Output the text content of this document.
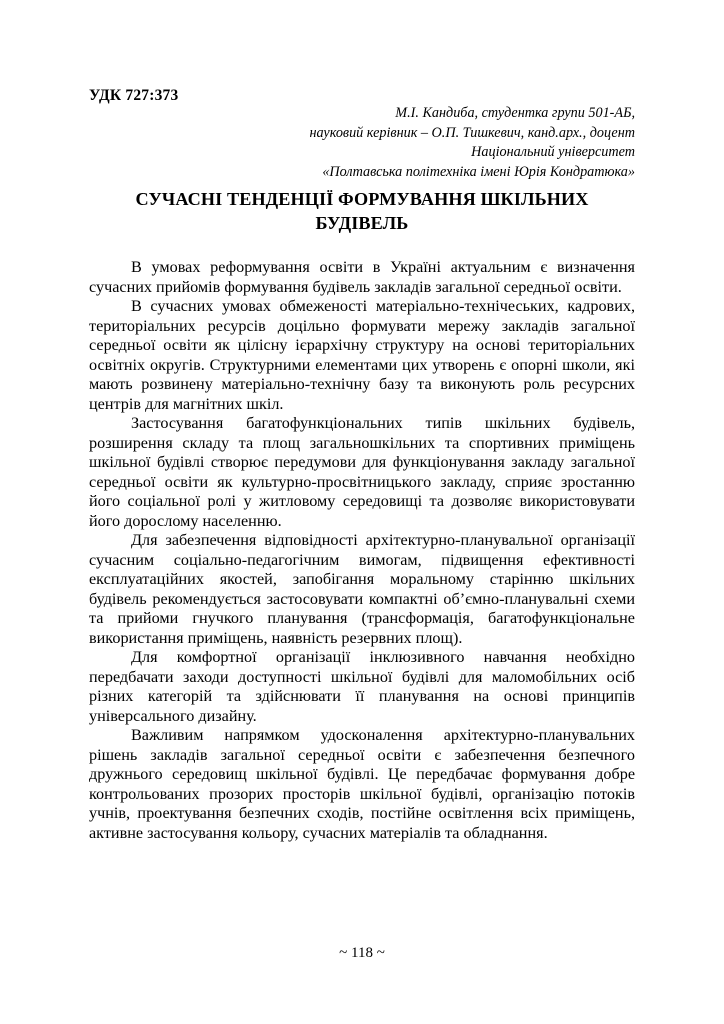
УДК 727:373
М.І. Кандиба, студентка групи 501-АБ,
науковий керівник – О.П. Тишкевич, канд.арх., доцент
Національний університет
«Полтавська політехніка імені Юрія Кондратюка»
СУЧАСНІ ТЕНДЕНЦІЇ ФОРМУВАННЯ ШКІЛЬНИХ
БУДІВЕЛЬ

В умовах реформування освіти в Україні актуальним є визначення сучасних прийомів формування будівель закладів загальної середньої освіти.

В сучасних умовах обмеженості матеріально-технічеських, кадрових, територіальних ресурсів доцільно формувати мережу закладів загальної середньої освіти як цілісну ієрархічну структуру на основі територіальних освітніх округів. Структурними елементами цих утворень є опорні школи, які мають розвинену матеріально-технічну базу та виконують роль ресурсних центрів для магнітних шкіл.

Застосування багатофункціональних типів шкільних будівель, розширення складу та площ загальношкільних та спортивних приміщень шкільної будівлі створює передумови для функціонування закладу загальної середньої освіти як культурно-просвітницького закладу, сприяє зростанню його соціальної ролі у житловому середовищі та дозволяє використовувати його дорослому населенню.

Для забезпечення відповідності архітектурно-планувальної організації сучасним соціально-педагогічним вимогам, підвищення ефективності експлуатаційних якостей, запобігання моральному старінню шкільних будівель рекомендується застосовувати компактні об’ємно-планувальні схеми та прийоми гнучкого планування (трансформація, багатофункціональне використання приміщень, наявність резервних площ).

Для комфортної організації інклюзивного навчання необхідно передбачати заходи доступності шкільної будівлі для маломобільних осіб різних категорій та здійснювати її планування на основі принципів універсального дизайну.

Важливим напрямком удосконалення архітектурно-планувальних рішень закладів загальної середньої освіти є забезпечення безпечного дружнього середовищ шкільної будівлі. Це передбачає формування добре контрольованих прозорих просторів шкільної будівлі, організацію потоків учнів, проектування безпечних сходів, постійне освітлення всіх приміщень, активне застосування кольору, сучасних матеріалів та обладнання.

~ 118 ~
